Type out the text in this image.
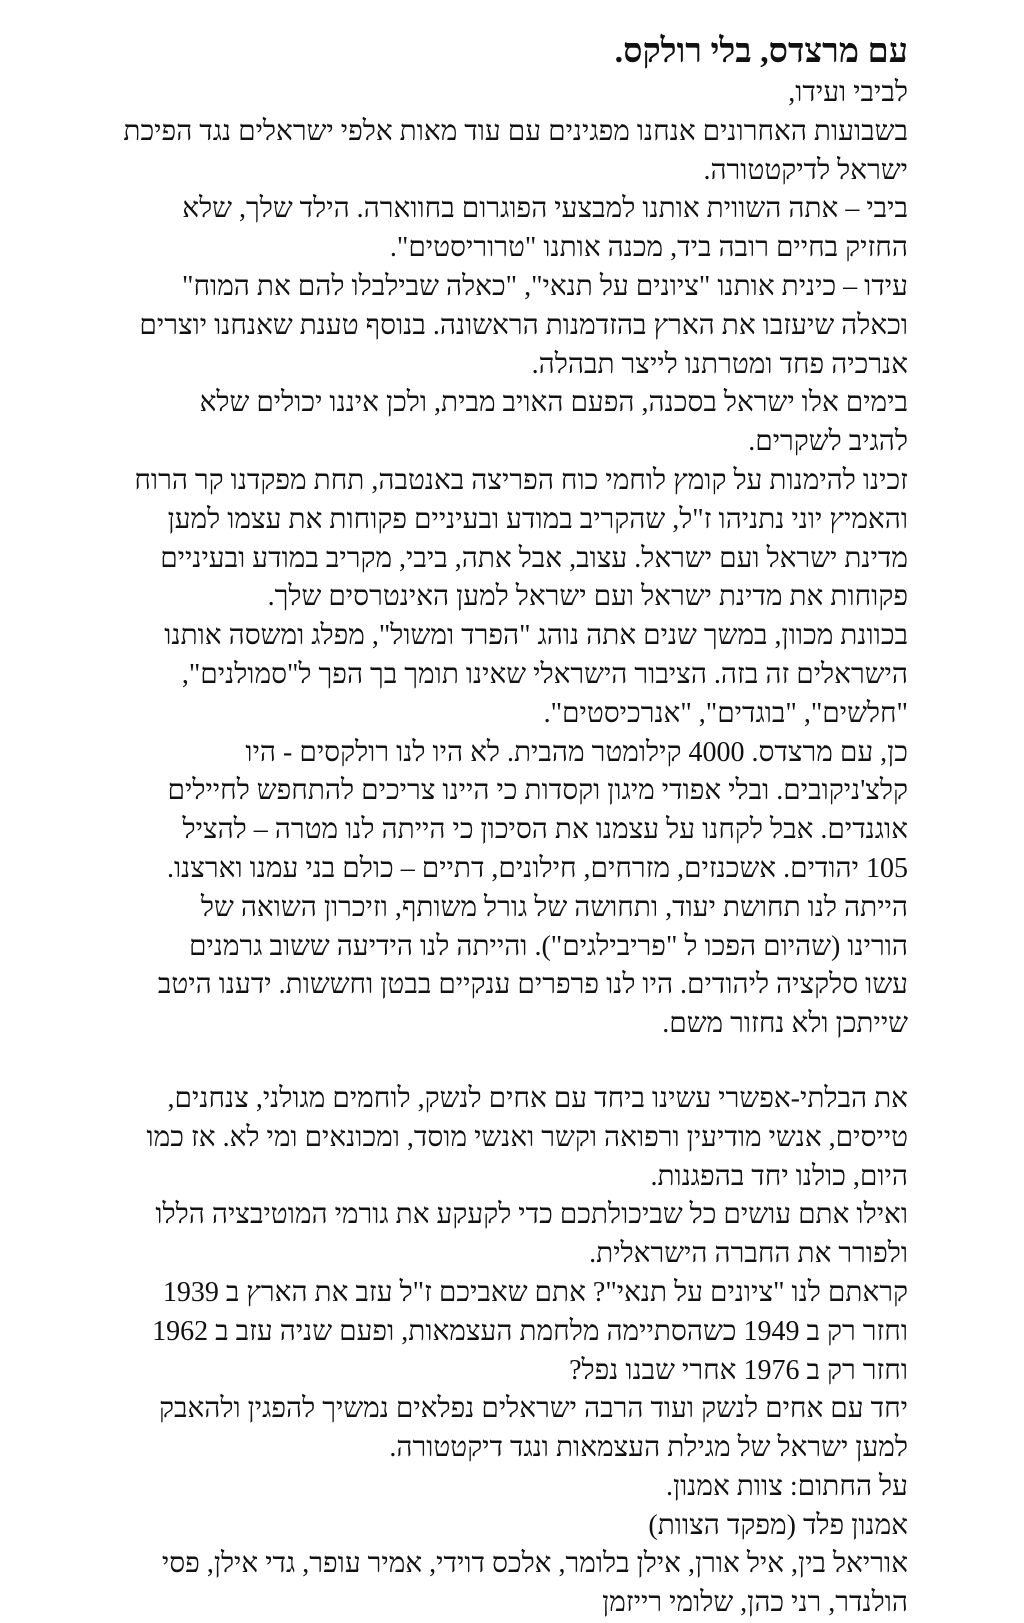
עם מרצדס, בלי רולקס.
לביבי ועידו,
בשבועות האחרונים אנחנו מפגינים עם עוד מאות אלפי ישראלים נגד הפיכת
ישראל לדיקטטורה.
ביבי – אתה השווית אותנו למבצעי הפוגרום בחווארה. הילד שלך, שלא
החזיק בחיים רובה ביד, מכנה אותנו "טרוריסטים".
עידו – כינית אותנו "ציונים על תנאי", "כאלה שבילבלו להם את המוח"
וכאלה שיעזבו את הארץ בהזדמנות הראשונה. בנוסף טענת שאנחנו יוצרים
אנרכיה פחד ומטרתנו לייצר תבהלה.
בימים אלו ישראל בסכנה, הפעם האויב מבית, ולכן איננו יכולים שלא
להגיב לשקרים.
זכינו להימנות על קומץ לוחמי כוח הפריצה באנטבה, תחת מפקדנו קר הרוח
והאמיץ יוני נתניהו ז"ל, שהקריב במודע ובעיניים פקוחות את עצמו למען
מדינת ישראל ועם ישראל. עצוב, אבל אתה, ביבי, מקריב במודע ובעיניים
פקוחות את מדינת ישראל ועם ישראל למען האינטרסים שלך.
בכוונת מכוון, במשך שנים אתה נוהג "הפרד ומשול", מפלג ומשסה אותנו
הישראלים זה בזה. הציבור הישראלי שאינו תומך בך הפך ל"סמולנים",
"חלשים", "בוגדים", "אנרכיסטים".
כן, עם מרצדס. 4000 קילומטר מהבית. לא היו לנו רולקסים - היו
קלצ'ניקובים. ובלי אפודי מיגון וקסדות כי היינו צריכים להתחפש לחיילים
אוגנדים. אבל לקחנו על עצמנו את הסיכון כי הייתה לנו מטרה – להציל
105 יהודים. אשכנזים, מזרחים, חילונים, דתיים – כולם בני עמנו וארצנו.
הייתה לנו תחושת יעוד, ותחושה של גורל משותף, וזיכרון השואה של
הורינו (שהיום הפכו ל "פריבילגים"). והייתה לנו הידיעה ששוב גרמנים
עשו סלקציה ליהודים. היו לנו פרפרים ענקיים בבטן וחששות. ידענו היטב
שייתכן ולא נחזור משם.
את הבלתי-אפשרי עשינו ביחד עם אחים לנשק, לוחמים מגולני, צנחנים,
טייסים, אנשי מודיעין ורפואה וקשר ואנשי מוסד, ומכונאים ומי לא. אז כמו
היום, כולנו יחד בהפגנות.
ואילו אתם עושים כל שביכולתכם כדי לקעקע את גורמי המוטיבציה הללו
ולפורר את החברה הישראלית.
קראתם לנו "ציונים על תנאי"? אתם שאביכם ז"ל עזב את הארץ ב 1939
וחזר רק ב 1949 כשהסתיימה מלחמת העצמאות, ופעם שניה עזב ב 1962
וחזר רק ב 1976 אחרי שבנו נפל?
יחד עם אחים לנשק ועוד הרבה ישראלים נפלאים נמשיך להפגין ולהאבק
למען ישראל של מגילת העצמאות ונגד דיקטטורה.
על החתום: צוות אמנון.
אמנון פלד (מפקד הצוות)
אוריאל בין, איל אורן, אילן בלומר, אלכס דוידי, אמיר עופר, גדי אילן, פסי
הולנדר, רני כהן, שלומי רייזמן
